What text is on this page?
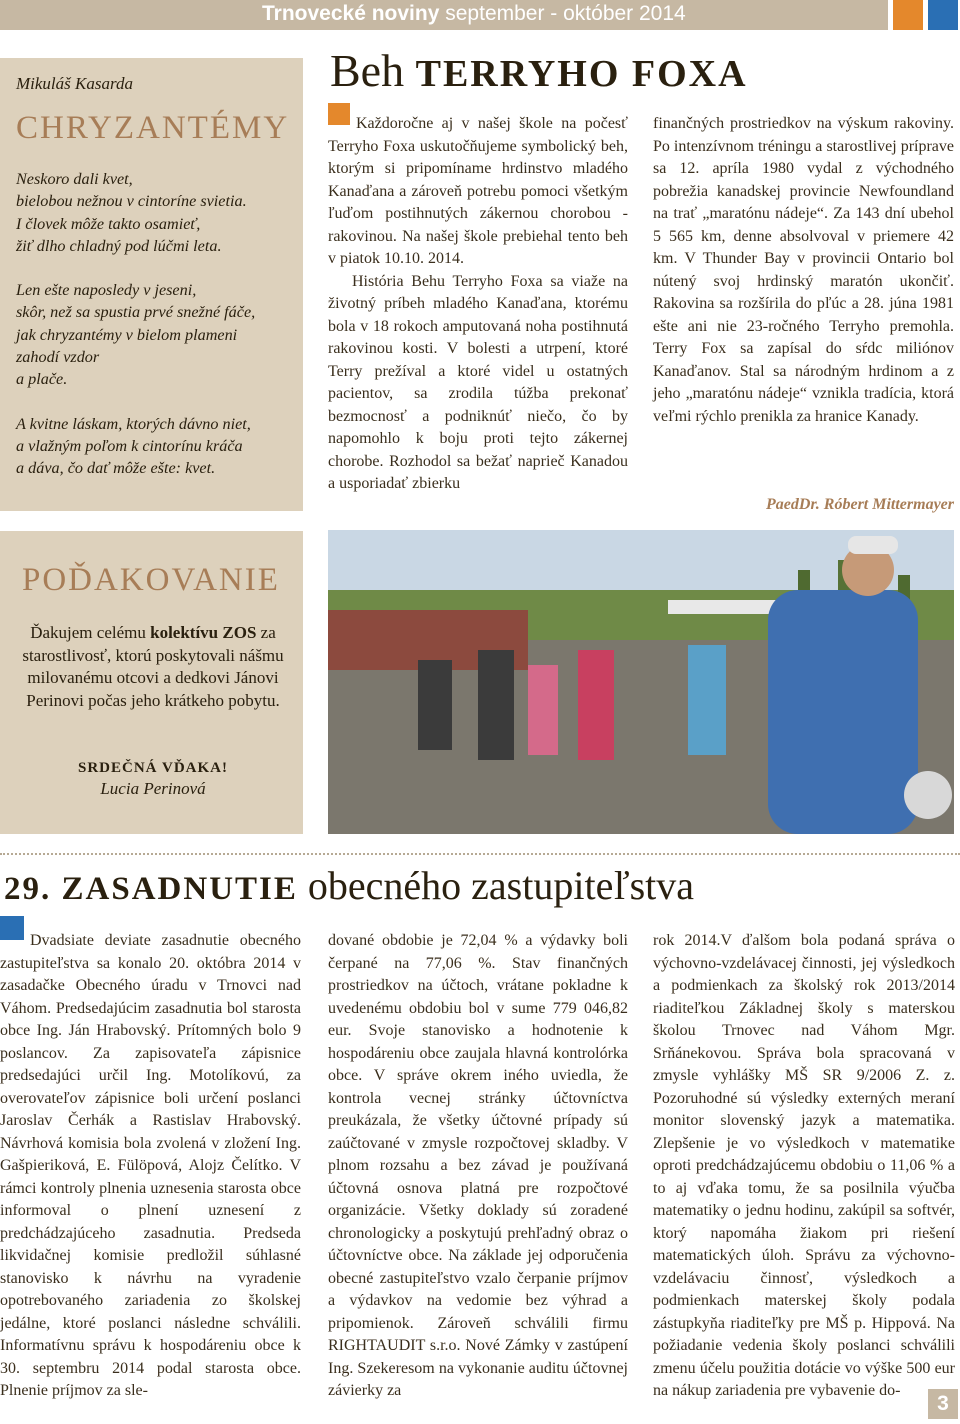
Trnovecké noviny september - október 2014
Mikuláš Kasarda
CHRYZANTÉMY

Neskoro dali kvet,
bielobou nežnou v cintoríne svietia.
I človek môže takto osamieť,
žiť dlho chladný pod lúčmi leta.

Len ešte naposledy v jeseni,
skôr, než sa spustia prvé snežné fáče,
jak chryzantémy v bielom plameni
zahodí vzdor
a plače.

A kvitne láskam, ktorých dávno niet,
a vlažným poľom k cintorínu kráča
a dáva, čo dať môže ešte: kvet.

POĎAKOVANIE
Ďakujem celému kolektívu ZOS za starostlivosť, ktorú poskytovali nášmu milovanému otcovi a dedkovi Jánovi Perinovi počas jeho krátkeho pobytu.
SRDEČNÁ VĎAKA!
Lucia Perinová
Beh TERRYHO FOXA

Každoročne aj v našej škole na počesť Terryho Foxa uskutočňujeme symbolický beh, ktorým si pripomíname hrdinstvo mladého Kanaďana a zároveň potrebu pomoci všetkým ľuďom postihnutých zákernou chorobou - rakovinou. Na našej škole prebiehal tento beh v piatok 10.10. 2014.

História Behu Terryho Foxa sa viaže na životný príbeh mladého Kanaďana, ktorému bola v 18 rokoch amputovaná noha postihnutá rakovinou kosti. V bolesti a utrpení, ktoré Terry prežíval a ktoré videl u ostatných pacientov, sa zrodila túžba prekonať bezmocnosť a podniknúť niečo, čo by napomohlo k boju proti tejto zákernej chorobe. Rozhodol sa bežať naprieč Kanadou a usporiadať zbierku

finančných prostriedkov na výskum rakoviny. Po intenzívnom tréningu a starostlivej príprave sa 12. apríla 1980 vydal z východného pobrežia kanadskej provincie Newfoundland na trať „maratónu nádeje“. Za 143 dní ubehol 5 565 km, denne absolvoval v priemere 42 km. V Thunder Bay v provincii Ontario bol nútený svoj hrdinský maratón ukončiť. Rakovina sa rozšírila do pľúc a 28. júna 1981 ešte ani nie 23-ročného Terryho premohla. Terry Fox sa zapísal do sŕdc miliónov Kanaďanov. Stal sa národným hrdinom a z jeho „maratónu nádeje“ vznikla tradícia, ktorá veľmi rýchlo prenikla za hranice Kanady.

PaedDr. Róbert Mittermayer
29. ZASADNUTIE obecného zastupiteľstva

Dvadsiate deviate zasadnutie obecného zastupiteľstva sa konalo 20. októbra 2014 v zasadačke Obecného úradu v Trnovci nad Váhom. Predsedajúcim zasadnutia bol starosta obce Ing. Ján Hrabovský. Prítomných bolo 9 poslancov. Za zapisovateľa zápisnice predsedajúci určil Ing. Motolíkovú, za overovateľov zápisnice boli určení poslanci Jaroslav Čerhák a Rastislav Hrabovský. Návrhová komisia bola zvolená v zložení Ing. Gašpieriková, E. Fülöpová, Alojz Čelítko. V rámci kontroly plnenia uznesenia starosta obce informoval o plnení uznesení z predchádzajúceho zasadnutia. Predseda likvidačnej komisie predložil súhlasné stanovisko k návrhu na vyradenie opotrebovaného zariadenia zo školskej jedálne, ktoré poslanci následne schválili. Informatívnu správu k hospodáreniu obce k 30. septembru 2014 podal starosta obce. Plnenie príjmov za sle-

dované obdobie je 72,04 % a výdavky boli čerpané na 77,06 %. Stav finančných prostriedkov na účtoch, vrátane pokladne k uvedenému obdobiu bol v sume 779 046,82 eur. Svoje stanovisko a hodnotenie k hospodáreniu obce zaujala hlavná kontrolórka obce. V správe okrem iného uviedla, že kontrola vecnej stránky účtovníctva preukázala, že všetky účtovné prípady sú zaúčtované v zmysle rozpočtovej skladby. V plnom rozsahu a bez závad je používaná účtovná osnova platná pre rozpočtové organizácie. Všetky doklady sú zoradené chronologicky a poskytujú prehľadný obraz o účtovníctve obce. Na základe jej odporučenia obecné zastupiteľstvo vzalo čerpanie príjmov a výdavkov na vedomie bez výhrad a pripomienok. Zároveň schválili firmu RIGHTAUDIT s.r.o. Nové Zámky v zastúpení Ing. Szekeresom na vykonanie auditu účtovnej závierky za

rok 2014.V ďalšom bola podaná správa o výchovno-vzdelávacej činnosti, jej výsledkoch a podmienkach za školský rok 2013/2014 riaditeľkou Základnej školy s materskou školou Trnovec nad Váhom Mgr. Srňánekovou. Správa bola spracovaná v zmysle vyhlášky MŠ SR 9/2006 Z. z. Pozoruhodné sú výsledky externých meraní monitor slovenský jazyk a matematika. Zlepšenie je vo výsledkoch v matematike oproti predchádzajúcemu obdobiu o 11,06 % a to aj vďaka tomu, že sa posilnila výučba matematiky o jednu hodinu, zakúpil sa softvér, ktorý napomáha žiakom pri riešení matematických úloh. Správu za výchovno-vzdelávaciu činnosť, výsledkoch a podmienkach materskej školy podala zástupkyňa riaditeľky pre MŠ p. Hippová. Na požiadanie vedenia školy poslanci schválili zmenu účelu použitia dotácie vo výške 500 eur na nákup zariadenia pre vybavenie do-

3
